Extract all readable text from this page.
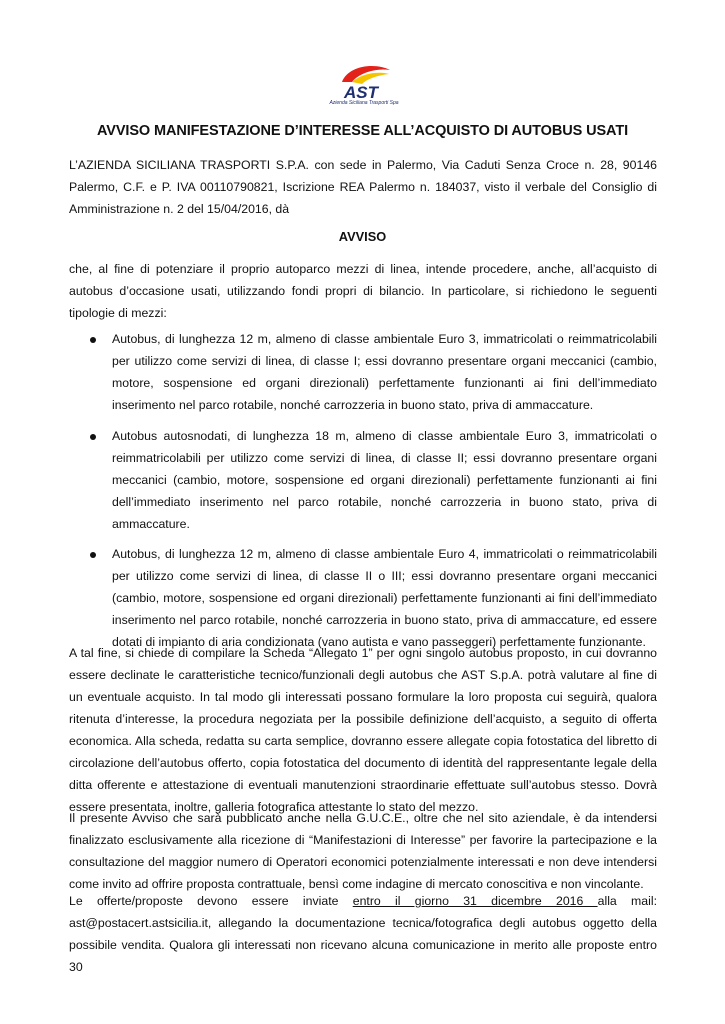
AST
Azienda Siciliana Trasporti Spa
AVVISO MANIFESTAZIONE D’INTERESSE ALL’ACQUISTO DI AUTOBUS USATI

L’AZIENDA SICILIANA TRASPORTI S.P.A. con sede in Palermo, Via Caduti Senza Croce n. 28, 90146 Palermo, C.F. e P. IVA 00110790821, Iscrizione REA Palermo n. 184037, visto il verbale del Consiglio di Amministrazione n. 2 del 15/04/2016, dà

AVVISO

che, al fine di potenziare il proprio autoparco mezzi di linea, intende procedere, anche, all’acquisto di autobus d’occasione usati, utilizzando fondi propri di bilancio. In particolare, si richiedono le seguenti tipologie di mezzi:

Autobus, di lunghezza 12 m, almeno di classe ambientale Euro 3, immatricolati o reimmatricolabili per utilizzo come servizi di linea, di classe I; essi dovranno presentare organi meccanici (cambio, motore, sospensione ed organi direzionali) perfettamente funzionanti ai fini dell’immediato inserimento nel parco rotabile, nonché carrozzeria in buono stato, priva di ammaccature.

Autobus autosnodati, di lunghezza 18 m, almeno di classe ambientale Euro 3, immatricolati o reimmatricolabili per utilizzo come servizi di linea, di classe II; essi dovranno presentare organi meccanici (cambio, motore, sospensione ed organi direzionali) perfettamente funzionanti ai fini dell’immediato inserimento nel parco rotabile, nonché carrozzeria in buono stato, priva di ammaccature.

Autobus, di lunghezza 12 m, almeno di classe ambientale Euro 4, immatricolati o reimmatricolabili per utilizzo come servizi di linea, di classe II o III; essi dovranno presentare organi meccanici (cambio, motore, sospensione ed organi direzionali) perfettamente funzionanti ai fini dell’immediato inserimento nel parco rotabile, nonché carrozzeria in buono stato, priva di ammaccature, ed essere dotati di impianto di aria condizionata (vano autista e vano passeggeri) perfettamente funzionante.

A tal fine, si chiede di compilare la Scheda “Allegato 1” per ogni singolo autobus proposto, in cui dovranno essere declinate le caratteristiche tecnico/funzionali degli autobus che AST S.p.A. potrà valutare al fine di un eventuale acquisto. In tal modo gli interessati possano formulare la loro proposta cui seguirà, qualora ritenuta d’interesse, la procedura negoziata per la possibile definizione dell’acquisto, a seguito di offerta economica. Alla scheda, redatta su carta semplice, dovranno essere allegate copia fotostatica del libretto di circolazione dell’autobus offerto, copia fotostatica del documento di identità del rappresentante legale della ditta offerente e attestazione di eventuali manutenzioni straordinarie effettuate sull’autobus stesso. Dovrà essere presentata, inoltre, galleria fotografica attestante lo stato del mezzo.

Il presente Avviso che sarà pubblicato anche nella G.U.C.E., oltre che nel sito aziendale, è da intendersi finalizzato esclusivamente alla ricezione di “Manifestazioni di Interesse” per favorire la partecipazione e la consultazione del maggior numero di Operatori economici potenzialmente interessati e non deve intendersi come invito ad offrire proposta contrattuale, bensì come indagine di mercato conoscitiva e non vincolante.

Le offerte/proposte devono essere inviate entro il giorno 31 dicembre 2016 alla mail: ast@postacert.astsicilia.it, allegando la documentazione tecnica/fotografica degli autobus oggetto della possibile vendita. Qualora gli interessati non ricevano alcuna comunicazione in merito alle proposte entro 30
